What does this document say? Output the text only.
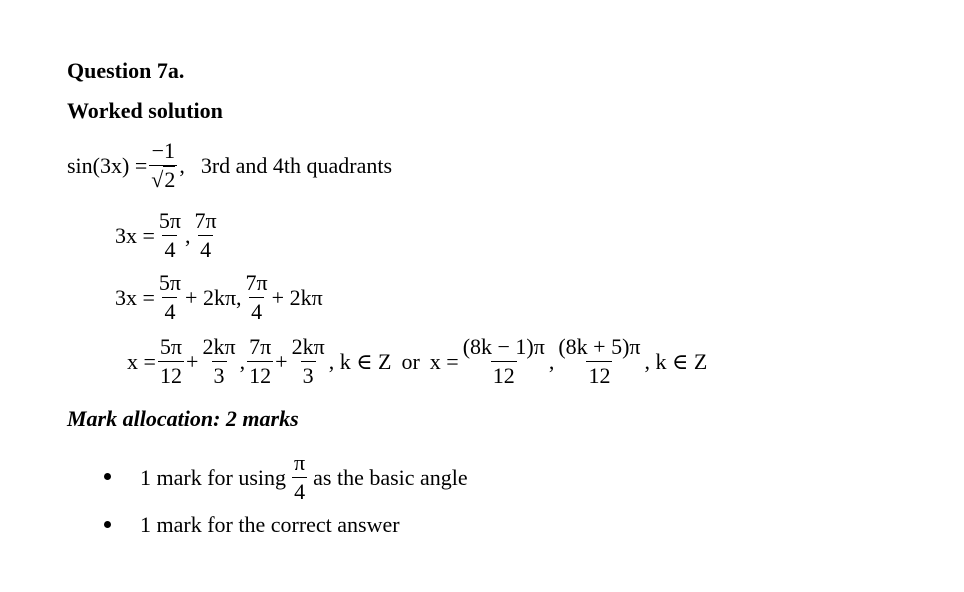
Question 7a.
Worked solution
$\sin(3x) = \frac{-1}{√2}$ , 3rd and 4th quadrants
$3x = \frac{5\pi}{4}$ , $\frac{7\pi}{4}$
$3x = \frac{5\pi}{4} + 2k\pi$, $\frac{7\pi}{4} + 2k\pi$
$x = \frac{5\pi}{12} + \frac{2k\pi}{3}$ , $\frac{7\pi}{12} + \frac{2k\pi}{3}$ , k ∈ Z or $x = \frac{(8k - 1)\pi}{12}$ , $\frac{(8k + 5)\pi}{12}$ , k ∈ Z
Mark allocation: 2 marks
1 mark for using $\frac{\pi}{4}$ as the basic angle
1 mark for the correct answer
